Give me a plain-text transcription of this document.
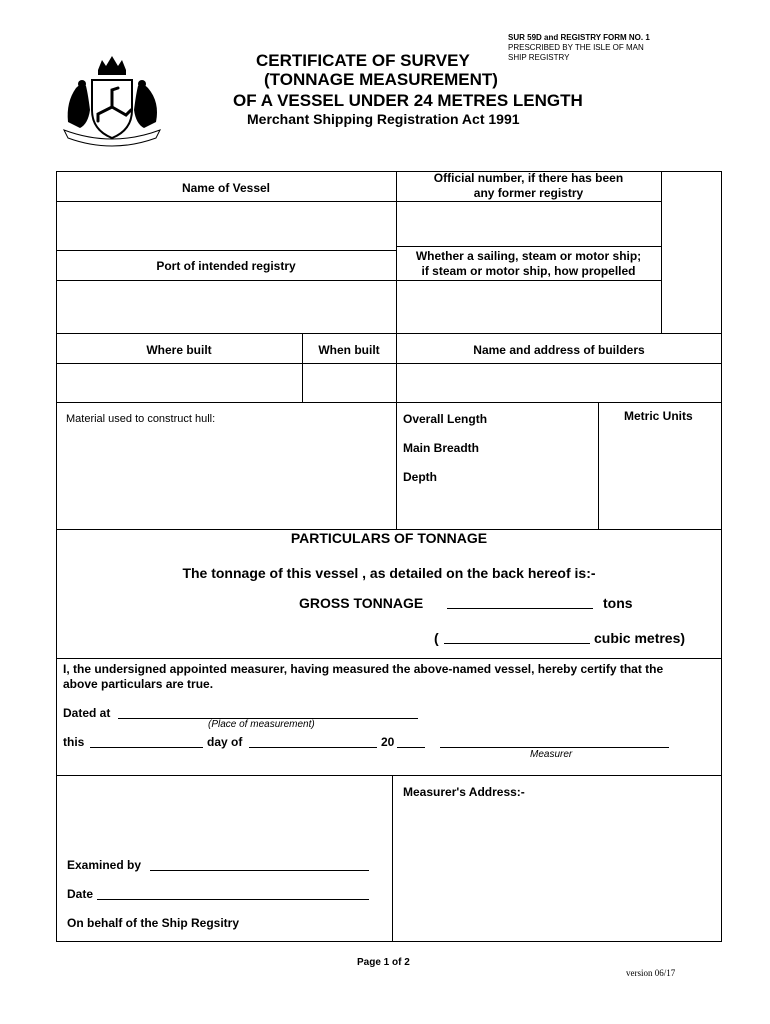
SUR 59D and REGISTRY FORM NO. 1
PRESCRIBED BY THE ISLE OF MAN
SHIP REGISTRY
CERTIFICATE OF SURVEY
(TONNAGE MEASUREMENT)
OF A VESSEL UNDER 24 METRES LENGTH
Merchant Shipping Registration Act 1991
Name of Vessel
Official number, if there has been
any former registry
Port of intended registry
Whether a sailing, steam or motor ship;
if steam or motor ship, how propelled
Where built	When built	Name and address of builders
Material used to construct hull:	Overall Length
Main Breadth
Depth
Metric Units
PARTICULARS OF TONNAGE
The tonnage of this vessel , as detailed on the back hereof is:-
GROSS TONNAGE	tons
(	cubic metres)
I, the undersigned appointed measurer, having measured the above-named vessel, hereby certify that the
above particulars are true.
Dated at
(Place of measurement)
this	day of	20
Measurer
Examined by
Date
On behalf of the Ship Regsitry
Measurer's Address:-
Page 1 of 2
version 06/17
